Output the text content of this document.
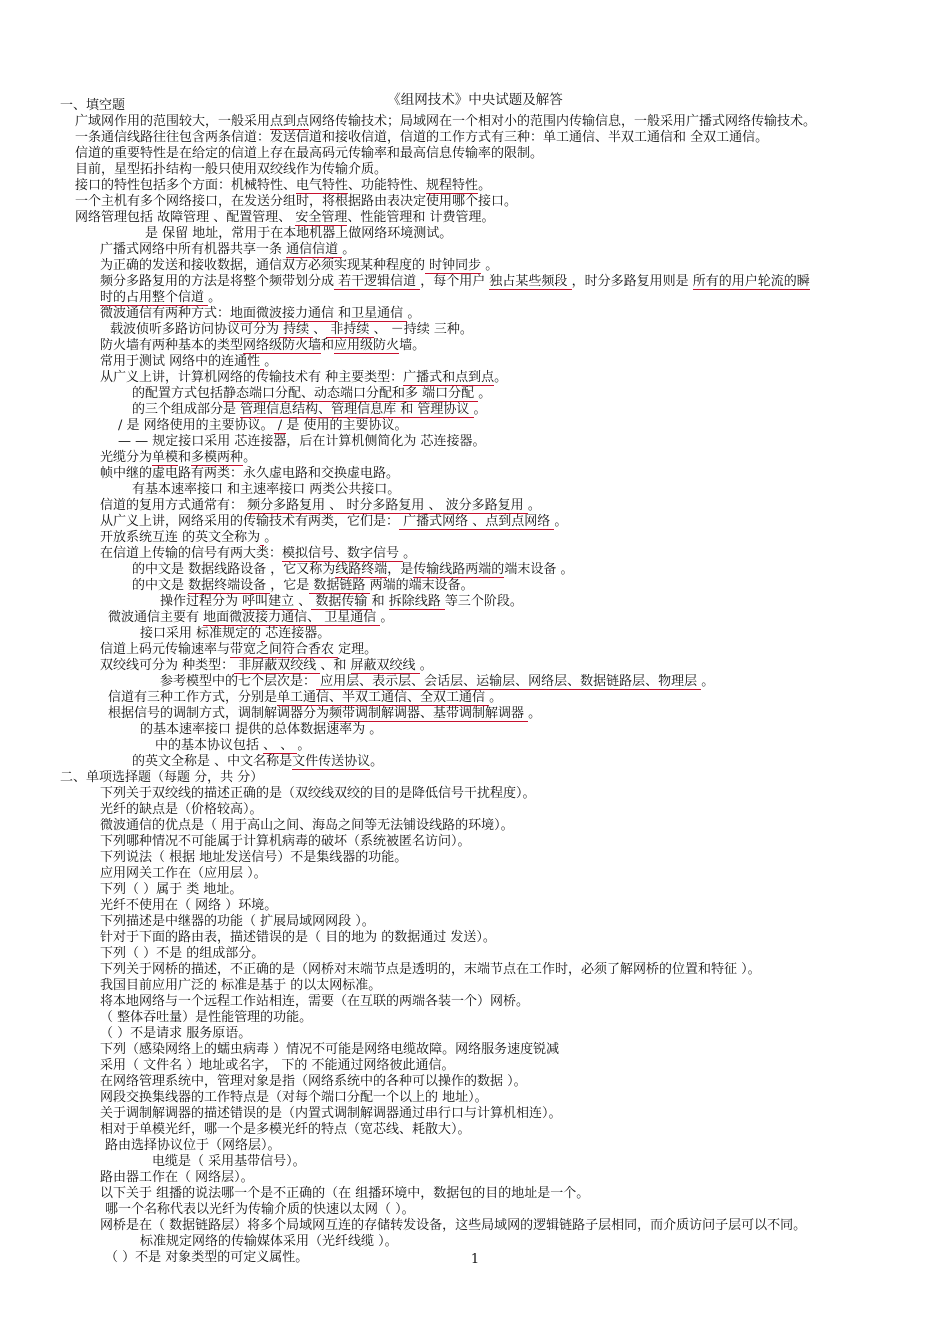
《组网技术》中央试题及解答
一、填空题
广域网作用的范围较大，一般采用点到点网络传输技术；局域网在一个相对小的范围内传输信息，一般采用广播式网络传输技术。
一条通信线路往往包含两条信道：发送信道和接收信道，信道的工作方式有三种：单工通信、半双工通信和 全双工通信。
信道的重要特性是在给定的信道上存在最高码元传输率和最高信息传输率的限制。
目前，星型拓扑结构一般只使用双绞线作为传输介质。
接口的特性包括多个方面：机械特性、电气特性、功能特性、规程特性。
一个主机有多个网络接口，在发送分组时，将根据路由表决定使用哪个接口。
网络管理包括 故障管理 、配置管理、 安全管理、性能管理和 计费管理。
是 保留 地址，常用于在本地机器上做网络环境测试。
广播式网络中所有机器共享一条 通信信道 。
为正确的发送和接收数据，通信双方必须实现某种程度的 时钟同步 。
频分多路复用的方法是将整个频带划分成 若干逻辑信道 ，每个用户 独占某些频段 ，时分多路复用则是 所有的用户轮流的瞬
时的占用整个信道 。
微波通信有两种方式：地面微波接力通信 和卫星通信 。
载波侦听多路访问协议可分为 持续 、 非持续 、 －持续 三种。
防火墙有两种基本的类型网络级防火墙和应用级防火墙。
常用于测试 网络中的连通性 。
从广义上讲，计算机网络的传输技术有 种主要类型：广播式和点到点。
的配置方式包括静态端口分配、动态端口分配和多 端口分配 。
的三个组成部分是 管理信息结构、管理信息库 和 管理协议 。
/ 是 网络使用的主要协议。 / 是 使用的主要协议。
— — 规定接口采用 芯连接器，后在计算机侧简化为 芯连接器。
光缆分为单模和多模两种。
帧中继的虚电路有两类：永久虚电路和交换虚电路。
有基本速率接口 和主速率接口 两类公共接口。
信道的复用方式通常有： 频分多路复用 、 时分多路复用 、 波分多路复用 。
从广义上讲，网络采用的传输技术有两类，它们是： 广播式网络 、点到点网络 。
开放系统互连 的英文全称为 。
在信道上传输的信号有两大类：模拟信号、数字信号 。
的中文是 数据线路设备 ，它又称为线路终端，是传输线路两端的端末设备 。
的中文是 数据终端设备 ，它是 数据链路 两端的端末设备。
操作过程分为 呼叫建立 、 数据传输 和 拆除线路 等三个阶段。
微波通信主要有 地面微波接力通信、 卫星通信 。
接口采用 标准规定的 芯连接器。
信道上码元传输速率与带宽之间符合香农 定理。
双绞线可分为 种类型： 非屏蔽双绞线 、和 屏蔽双绞线 。
参考模型中的七个层次是： 应用层、表示层、会话层、运输层、网络层、数据链路层、物理层 。
信道有三种工作方式，分别是单工通信、半双工通信、全双工通信 。
根据信号的调制方式，调制解调器分为频带调制解调器、基带调制解调器 。
的基本速率接口 提供的总体数据速率为 。
中的基本协议包括 、 、 。
的英文全称是 、中文名称是文件传送协议。
二、单项选择题（每题 分，共 分）
下列关于双绞线的描述正确的是（双绞线双绞的目的是降低信号干扰程度）。
光纤的缺点是（价格较高）。
微波通信的优点是（ 用于高山之间、海岛之间等无法铺设线路的环境）。
下列哪种情况不可能属于计算机病毒的破坏（系统被匿名访问）。
下列说法（ 根据 地址发送信号）不是集线器的功能。
应用网关工作在（应用层 ）。
下列（ ）属于 类 地址。
光纤不使用在（ 网络 ）环境。
下列描述是中继器的功能（ 扩展局域网网段 ）。
针对于下面的路由表，描述错误的是（ 目的地为 的数据通过 发送）。
下列（ ）不是 的组成部分。
下列关于网桥的描述，不正确的是（网桥对末端节点是透明的，末端节点在工作时，必须了解网桥的位置和特征 ）。
我国目前应用广泛的 标准是基于 的以太网标准。
将本地网络与一个远程工作站相连，需要（在互联的两端各装一个）网桥。
（ 整体吞吐量）是性能管理的功能。
（ ）不是请求 服务原语。
下列（感染网络上的蠕虫病毒 ）情况不可能是网络电缆故障。网络服务速度锐减
采用（ 文件名 ）地址或名字， 下的 不能通过网络彼此通信。
在网络管理系统中，管理对象是指（网络系统中的各种可以操作的数据 ）。
网段交换集线器的工作特点是（对每个端口分配一个以上的 地址）。
关于调制解调器的描述错误的是（内置式调制解调器通过串行口与计算机相连）。
相对于单模光纤，哪一个是多模光纤的特点（宽芯线、耗散大）。
路由选择协议位于（网络层）。
电缆是（ 采用基带信号）。
路由器工作在（ 网络层）。
以下关于 组播的说法哪一个是不正确的（在 组播环境中，数据包的目的地址是一个。
哪一个名称代表以光纤为传输介质的快速以太网（ ）。
网桥是在（ 数据链路层）将多个局域网互连的存储转发设备，这些局域网的逻辑链路子层相同，而介质访问子层可以不同。
标准规定网络的传输媒体采用（光纤线缆 ）。
（ ）不是 对象类型的可定义属性。	1
